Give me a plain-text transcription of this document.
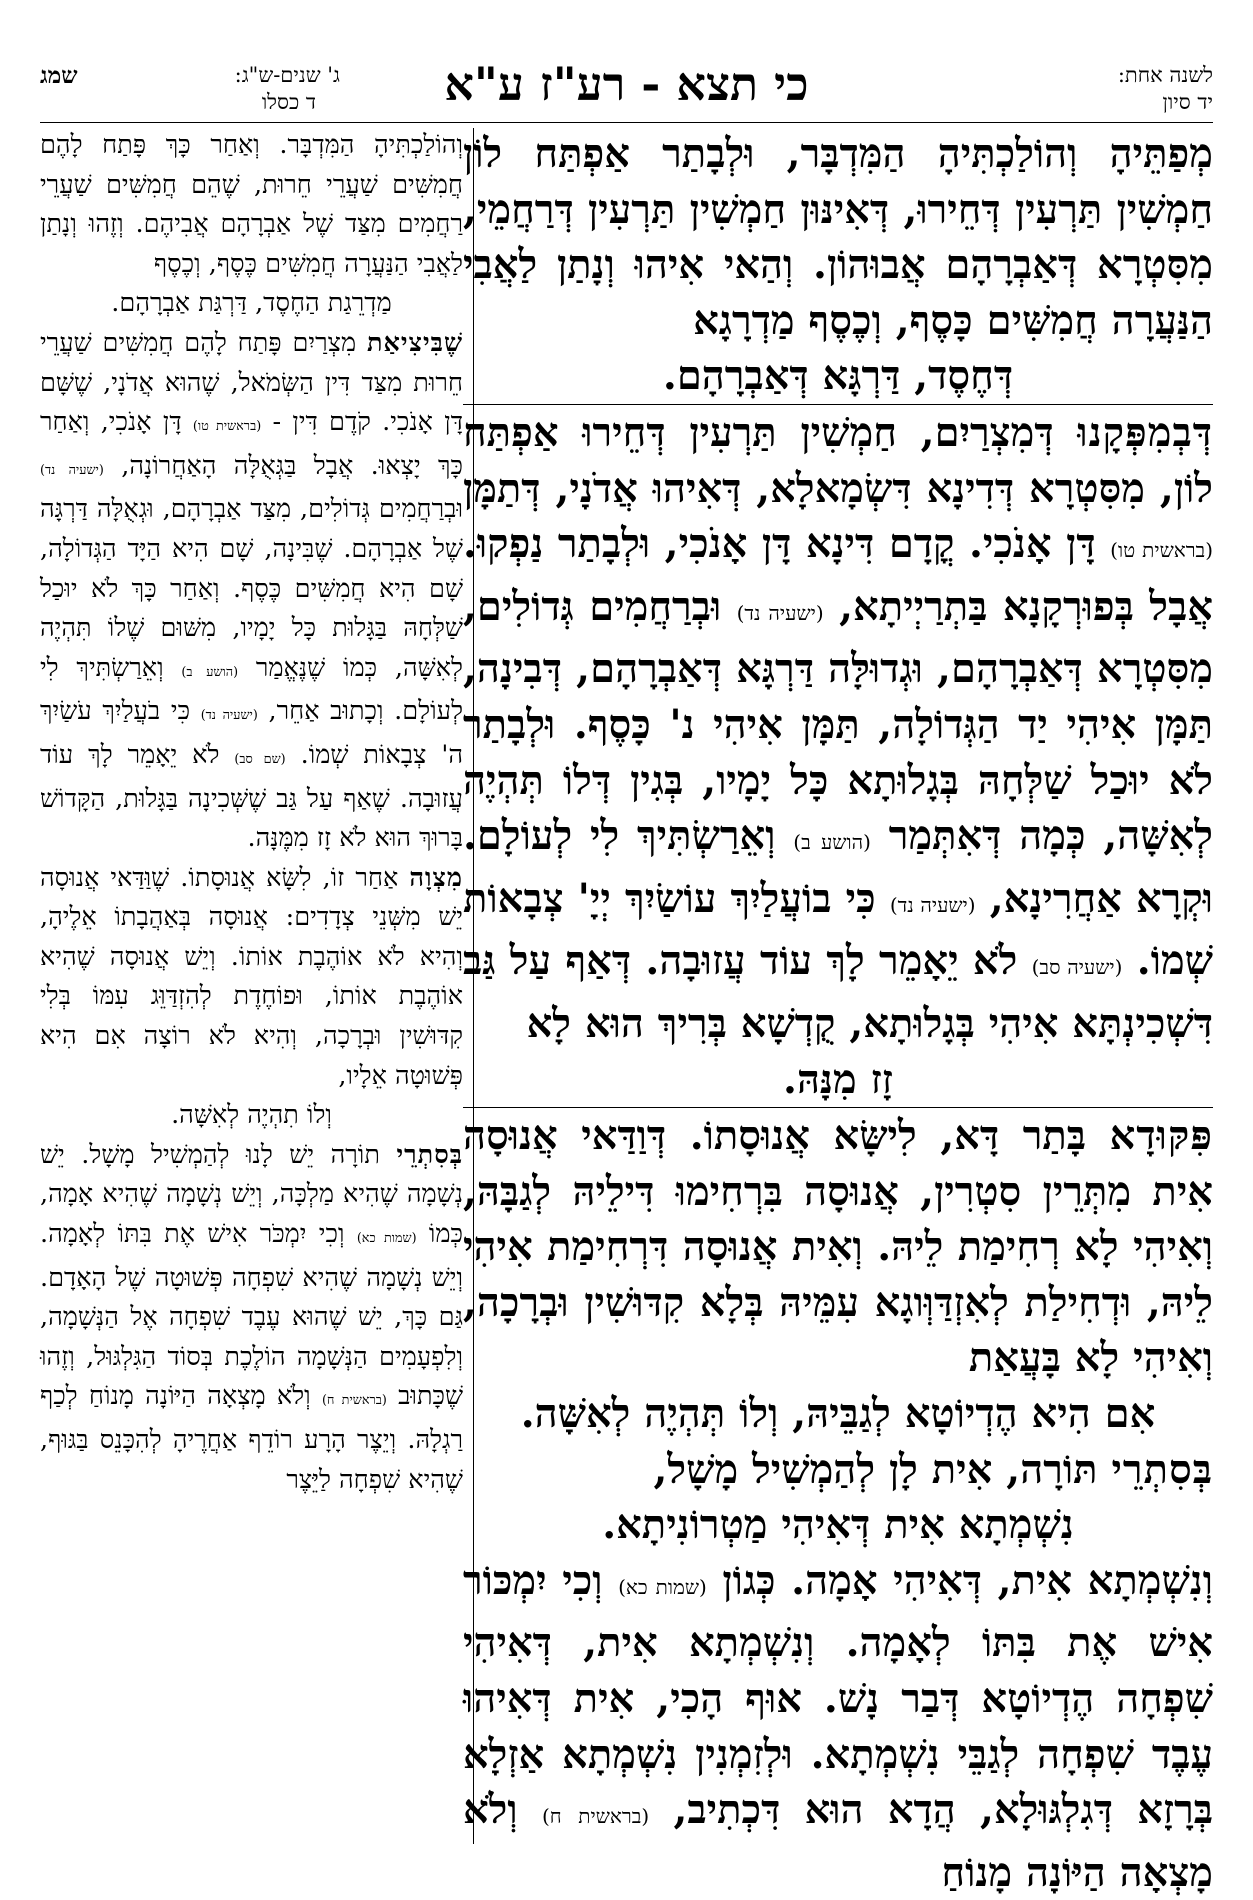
לשנה אחת:
יד סיון
כי תצא - רע"ז ע"א
ג' שנים-ש"ג:
שמג
ד כסלו

מְפַתֵּיהָ וְהוֹלַכְתִּיהָ הַמִּדְבָּר, וּלְבָתַר אַפְתַּח לוֹן חַמְשִׁין תַּרְעִין דְּחֵירוּ, דְּאִינּוּן חַמְשִׁין תַּרְעִין דְּרַחֲמֵי, מִסִּטְרָא דְּאַבְרָהָם אֲבוּהוֹן. וְהַאי אִיהוּ וְנָתַן לַאֲבִי הַנַּעֲרָה חֲמִשִּׁים כָּסֶף, וְכֶסֶף מַדְרָגָא

דְּחֶסֶד, דַּרְגָּא דְּאַבְרָהָם.

דְּבְמִפְּקָנוּ דְּמִצְרַיִם, חַמְשִׁין תַּרְעִין דְּחֵירוּ אַפְתַּח לוֹן, מִסִּטְרָא דְּדִינָא דִּשְׂמָאלָא, דְּאִיהוּ אֲדֹנָי, דְּתַמָּן (בראשית טו) דָּן אָנֹכִי. קֳדָם דִּינָא דָּן אָנֹכִי, וּלְבָתַר נַפְקוּ. אֲבָל בְּפוּרְקָנָא בַּתְרַיְיתָא, (ישעיה נד) וּבְרַחֲמִים גְּדוֹלִים, מִסִּטְרָא דְּאַבְרָהָם, וּגְדוּלָּה דַּרְגָּא דְּאַבְרָהָם, דְּבִינָה, תַּמָּן אִיהִי יַד הַגְּדוֹלָה, תַּמָּן אִיהִי נ' כָּסֶף. וּלְבָתַר לֹא יוּכַל שַׁלְּחָהּ בְּגָלוּתָא כָּל יָמָיו, בְּגִין דְּלוֹ תְּהְיֶה לְאִשָּׁה, כְּמָה דְּאִתְּמַר (הושע ב) וְאֵרַשְׂתִּיךְ לִי לְעוֹלָם. וּקְרָא אַחֲרִינָא, (ישעיה נד) כִּי בוֹעֲלַיִךְ עוֹשַׂיִךְ יְיָ' צְבָאוֹת שְׁמוֹ. (ישעיה סב) לֹא יֵאָמֵר לָךְ עוֹד עֲזוּבָה. דְּאַף עַל גַּב דִּשְׁכִינְתָּא אִיהִי בְּגָלוּתָא, קֻדְשָׁא בְּרִיךְ הוּא לָא

זָז מִנָּהּ.

פִּקּוּדָא בָּתַר דָּא, לִישָּׂא אֲנוּסָתוֹ. דְּוַדַּאי אֲנוּסָה אִית מִתְּרֵין סִטְרִין, אֲנוּסָה בִּרְחִימוּ דִּילֵיהּ לְגַבָּהּ, וְאִיהִי לָא רְחִימַת לֵיהּ. וְאִית אֲנוּסָה דִּרְחִימַת אִיהִי לֵיהּ, וּדְחִילַת לְאִזְדַּוְּוגָא עִמֵּיהּ בְּלָא קִדּוּשִׁין וּבְרָכָה, וְאִיהִי לָא בָּעֲאַת

אִם הִיא הֶדְיוֹטָא לְגַבֵּיהּ, וְלוֹ תְּהְיֶה לְאִשָּׁה.

בְּסִתְרֵי תּוֹרָה, אִית לָן לְהַמְשִׁיל מָשָׁל,

נִשְׁמְתָא אִית דְּאִיהִי מַטְרוֹנִיתָא.

וְנִשְׁמְתָא אִית, דְּאִיהִי אָמָה. כְּגוֹן (שמות כא) וְכִי יִמְכּוֹר אִישׁ אֶת בִּתּוֹ לְאָמָה. וְנִשְׁמְתָא אִית, דְּאִיהִי שִׁפְחָה הֶדְיוֹטָא דְּבַר נָשׁ. אוּף הָכִי, אִית דְּאִיהוּ עֶבֶד שִׁפְחָה לְגַבֵּי נִשְׁמְתָא. וּלְזִמְנִין נִשְׁמְתָא אַזְלָא בְּרָזָא דְּגִלְגּוּלָא, הֲדָא הוּא דִּכְתִיב, (בראשית ח) וְלֹא מָצְאָה הַיּוֹנָה מָנוֹחַ

וְהוֹלַכְתִּיהָ הַמִּדְבָּר. וְאַחַר כָּךְ פָּתַח לָהֶם חֲמִשִּׁים שַׁעֲרֵי חֵרוּת, שֶׁהֵם חֲמִשִּׁים שַׁעֲרֵי רַחֲמִים מִצַּד שֶׁל אַבְרָהָם אֲבִיהֶם. וְזֶהוּ וְנָתַן לַאֲבִי הַנַּעֲרָה חֲמִשִּׁים כֶּסֶף, וְכֶסֶף

מַדְרֵגַת הַחֶסֶד, דַּרְגַּת אַבְרָהָם.

שֶׁבִּיצִיאַת מִצְרַיִם פָּתַח לָהֶם חֲמִשִּׁים שַׁעֲרֵי חֵרוּת מִצַּד דִּין הַשְּׂמֹאל, שֶׁהוּא אֲדֹנָי, שֶׁשָּׁם דָּן אָנֹכִי. קֹדֶם דִּין - (בראשית טו) דָּן אָנֹכִי, וְאַחַר כָּךְ יָצְאוּ. אֲבָל בַּגְּאֻלָּה הָאַחֲרוֹנָה, (ישעיה נד) וּבְרַחֲמִים גְּדוֹלִים, מִצַּד אַבְרָהָם, וּגְאֻלָּה דַּרְגָּה שֶׁל אַבְרָהָם. שֶׁבִּינָה, שָׁם הִיא הַיָּד הַגְּדוֹלָה, שָׁם הִיא חֲמִשִּׁים כֶּסֶף. וְאַחַר כָּךְ לֹא יוּכַל שַׁלְּחָהּ בַּגָּלוּת כָּל יָמָיו, מִשּׁוּם שֶׁלוֹ תִּהְיֶה לְאִשָּׁה, כְּמוֹ שֶׁנֶּאֱמַר (הושע ב) וְאֵרַשְׂתִּיךְ לִי לְעוֹלָם. וְכָתוּב אַחֵר, (ישעיה נד) כִּי בֹעֲלַיִךְ עֹשַׂיִךְ ה' צְבָאוֹת שְׁמוֹ. (שם סב) לֹא יֵאָמֵר לָךְ עוֹד עֲזוּבָה. שֶׁאַף עַל גַּב שֶׁשְּׁכִינָה בַּגָּלוּת, הַקָּדוֹשׁ בָּרוּךְ הוּא לֹא זָז מִמֶּנָּה.

מִצְוָה אַחַר זוֹ, לִשָּׂא אֲנוּסָתוֹ. שֶׁוַּדַּאי אֲנוּסָה יֵשׁ מִשְּׁנֵי צְדָדִים: אֲנוּסָה בְּאַהֲבָתוֹ אֵלֶיהָ, וְהִיא לֹא אוֹהֶבֶת אוֹתוֹ. וְיֵשׁ אֲנוּסָה שֶׁהִיא אוֹהֶבֶת אוֹתוֹ, וּפוֹחֶדֶת לְהִזְדַּוֵּג עִמּוֹ בְּלִי קִדּוּשִׁין וּבְרָכָה, וְהִיא לֹא רוֹצָה אִם הִיא פְּשׁוּטָה אֵלָיו,

וְלוֹ תִהְיֶה לְאִשָּׁה.

בְּסִתְרֵי תוֹרָה יֵשׁ לָנוּ לְהַמְשִׁיל מָשָׁל. יֵשׁ נְשָׁמָה שֶׁהִיא מַלְכָּה, וְיֵשׁ נְשָׁמָה שֶׁהִיא אָמָה, כְּמוֹ (שמות כא) וְכִי יִמְכֹּר אִישׁ אֶת בִּתּוֹ לְאָמָה. וְיֵשׁ נְשָׁמָה שֶׁהִיא שִׁפְחָה פְּשׁוּטָה שֶׁל הָאָדָם. גַּם כָּךְ, יֵשׁ שֶׁהוּא עֶבֶד שִׁפְחָה אֶל הַנְּשָׁמָה, וְלִפְעָמִים הַנְּשָׁמָה הוֹלֶכֶת בְּסוֹד הַגִּלְגּוּל, וְזֶהוּ שֶׁכָּתוּב (בראשית ח) וְלֹא מָצְאָה הַיּוֹנָה מָנוֹחַ לְכַף רַגְלָהּ. וְיֵצֶר הָרָע רוֹדֵף אַחֲרֶיהָ לְהִכָּנֵס בַּגּוּף, שֶׁהִיא שִׁפְחָה לַיֵּצֶר
